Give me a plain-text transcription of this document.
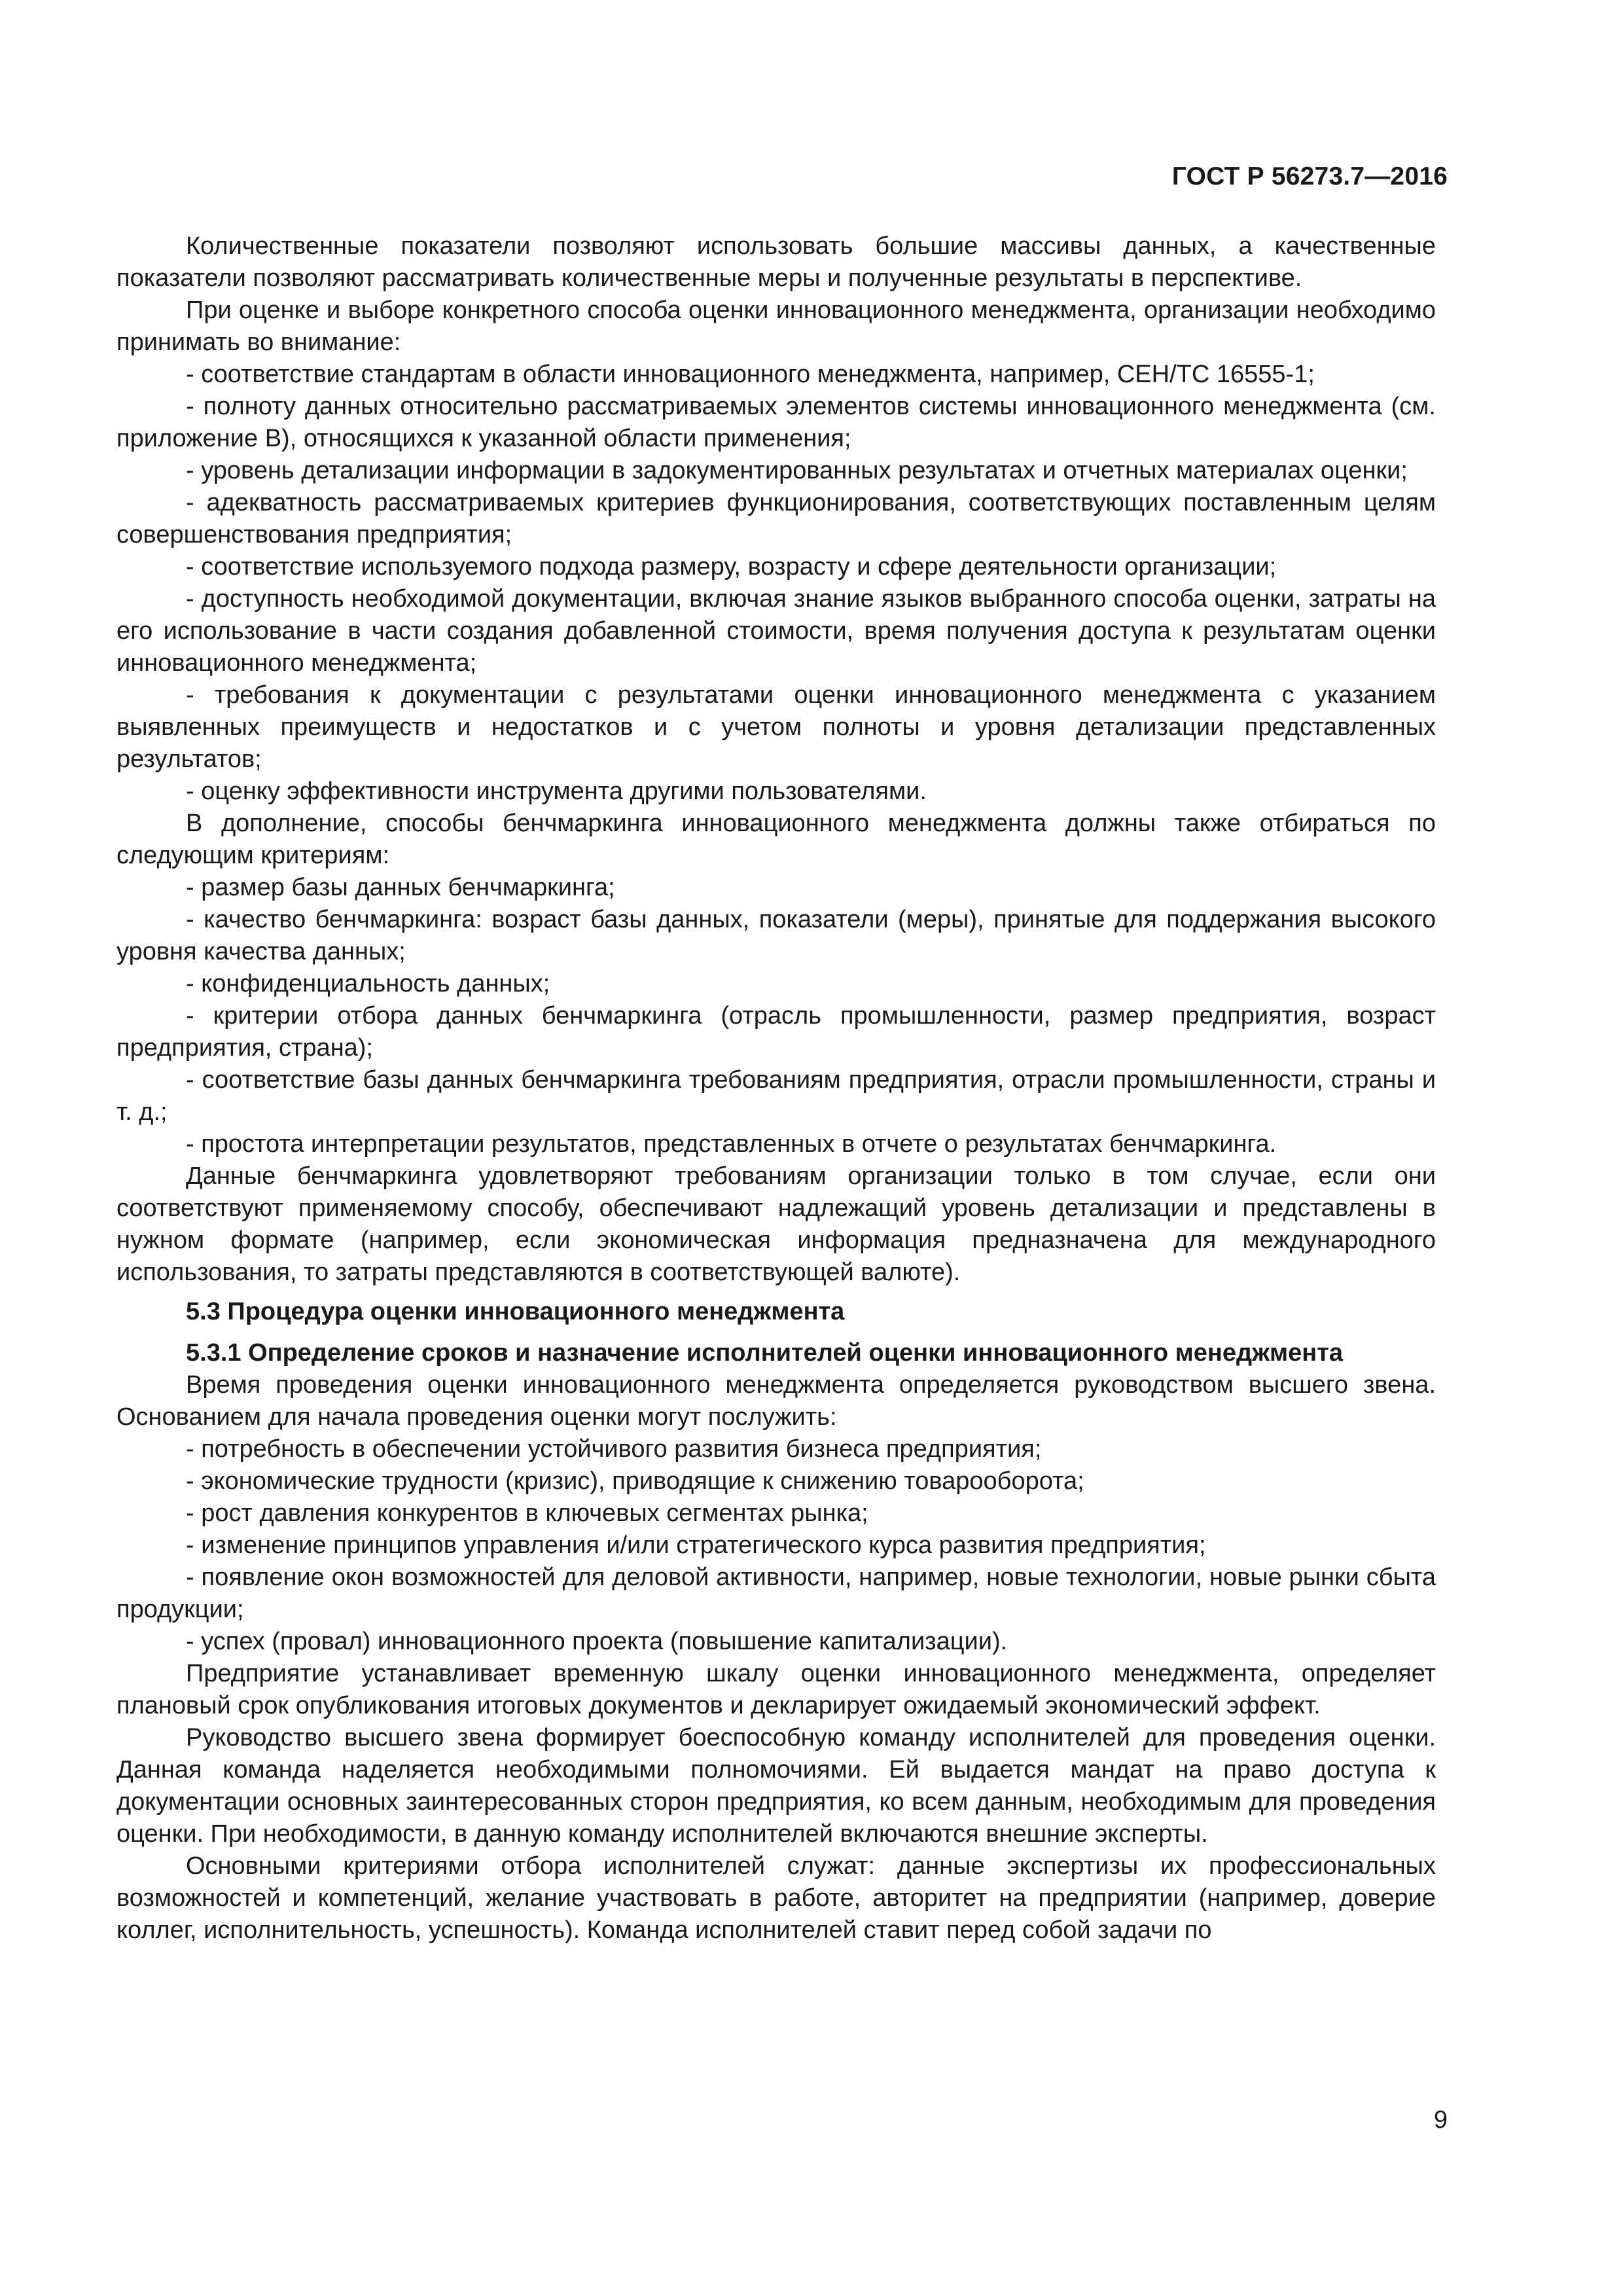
ГОСТ Р 56273.7—2016

Количественные показатели позволяют использовать большие массивы данных, а качественные показатели позволяют рассматривать количественные меры и полученные результаты в перспективе.

При оценке и выборе конкретного способа оценки инновационного менеджмента, организации необходимо принимать во внимание:

- соответствие стандартам в области инновационного менеджмента, например, СЕН/ТС 16555-1;

- полноту данных относительно рассматриваемых элементов системы инновационного менеджмента (см. приложение В), относящихся к указанной области применения;

- уровень детализации информации в задокументированных результатах и отчетных материалах оценки;

- адекватность рассматриваемых критериев функционирования, соответствующих поставленным целям совершенствования предприятия;

- соответствие используемого подхода размеру, возрасту и сфере деятельности организации;

- доступность необходимой документации, включая знание языков выбранного способа оценки, затраты на его использование в части создания добавленной стоимости, время получения доступа к результатам оценки инновационного менеджмента;

- требования к документации с результатами оценки инновационного менеджмента с указанием выявленных преимуществ и недостатков и с учетом полноты и уровня детализации представленных результатов;

- оценку эффективности инструмента другими пользователями.

В дополнение, способы бенчмаркинга инновационного менеджмента должны также отбираться по следующим критериям:

- размер базы данных бенчмаркинга;

- качество бенчмаркинга: возраст базы данных, показатели (меры), принятые для поддержания высокого уровня качества данных;

- конфиденциальность данных;

- критерии отбора данных бенчмаркинга (отрасль промышленности, размер предприятия, возраст предприятия, страна);

- соответствие базы данных бенчмаркинга требованиям предприятия, отрасли промышленности, страны и т. д.;

- простота интерпретации результатов, представленных в отчете о результатах бенчмаркинга.

Данные бенчмаркинга удовлетворяют требованиям организации только в том случае, если они соответствуют применяемому способу, обеспечивают надлежащий уровень детализации и представлены в нужном формате (например, если экономическая информация предназначена для международного использования, то затраты представляются в соответствующей валюте).

5.3 Процедура оценки инновационного менеджмента
5.3.1 Определение сроков и назначение исполнителей оценки инновационного менеджмента

Время проведения оценки инновационного менеджмента определяется руководством высшего звена. Основанием для начала проведения оценки могут послужить:

- потребность в обеспечении устойчивого развития бизнеса предприятия;

- экономические трудности (кризис), приводящие к снижению товарооборота;

- рост давления конкурентов в ключевых сегментах рынка;

- изменение принципов управления и/или стратегического курса развития предприятия;

- появление окон возможностей для деловой активности, например, новые технологии, новые рынки сбыта продукции;

- успех (провал) инновационного проекта (повышение капитализации).

Предприятие устанавливает временную шкалу оценки инновационного менеджмента, определяет плановый срок опубликования итоговых документов и декларирует ожидаемый экономический эффект.

Руководство высшего звена формирует боеспособную команду исполнителей для проведения оценки. Данная команда наделяется необходимыми полномочиями. Ей выдается мандат на право доступа к документации основных заинтересованных сторон предприятия, ко всем данным, необходимым для проведения оценки. При необходимости, в данную команду исполнителей включаются внешние эксперты.

Основными критериями отбора исполнителей служат: данные экспертизы их профессиональных возможностей и компетенций, желание участвовать в работе, авторитет на предприятии (например, доверие коллег, исполнительность, успешность). Команда исполнителей ставит перед собой задачи по

9
